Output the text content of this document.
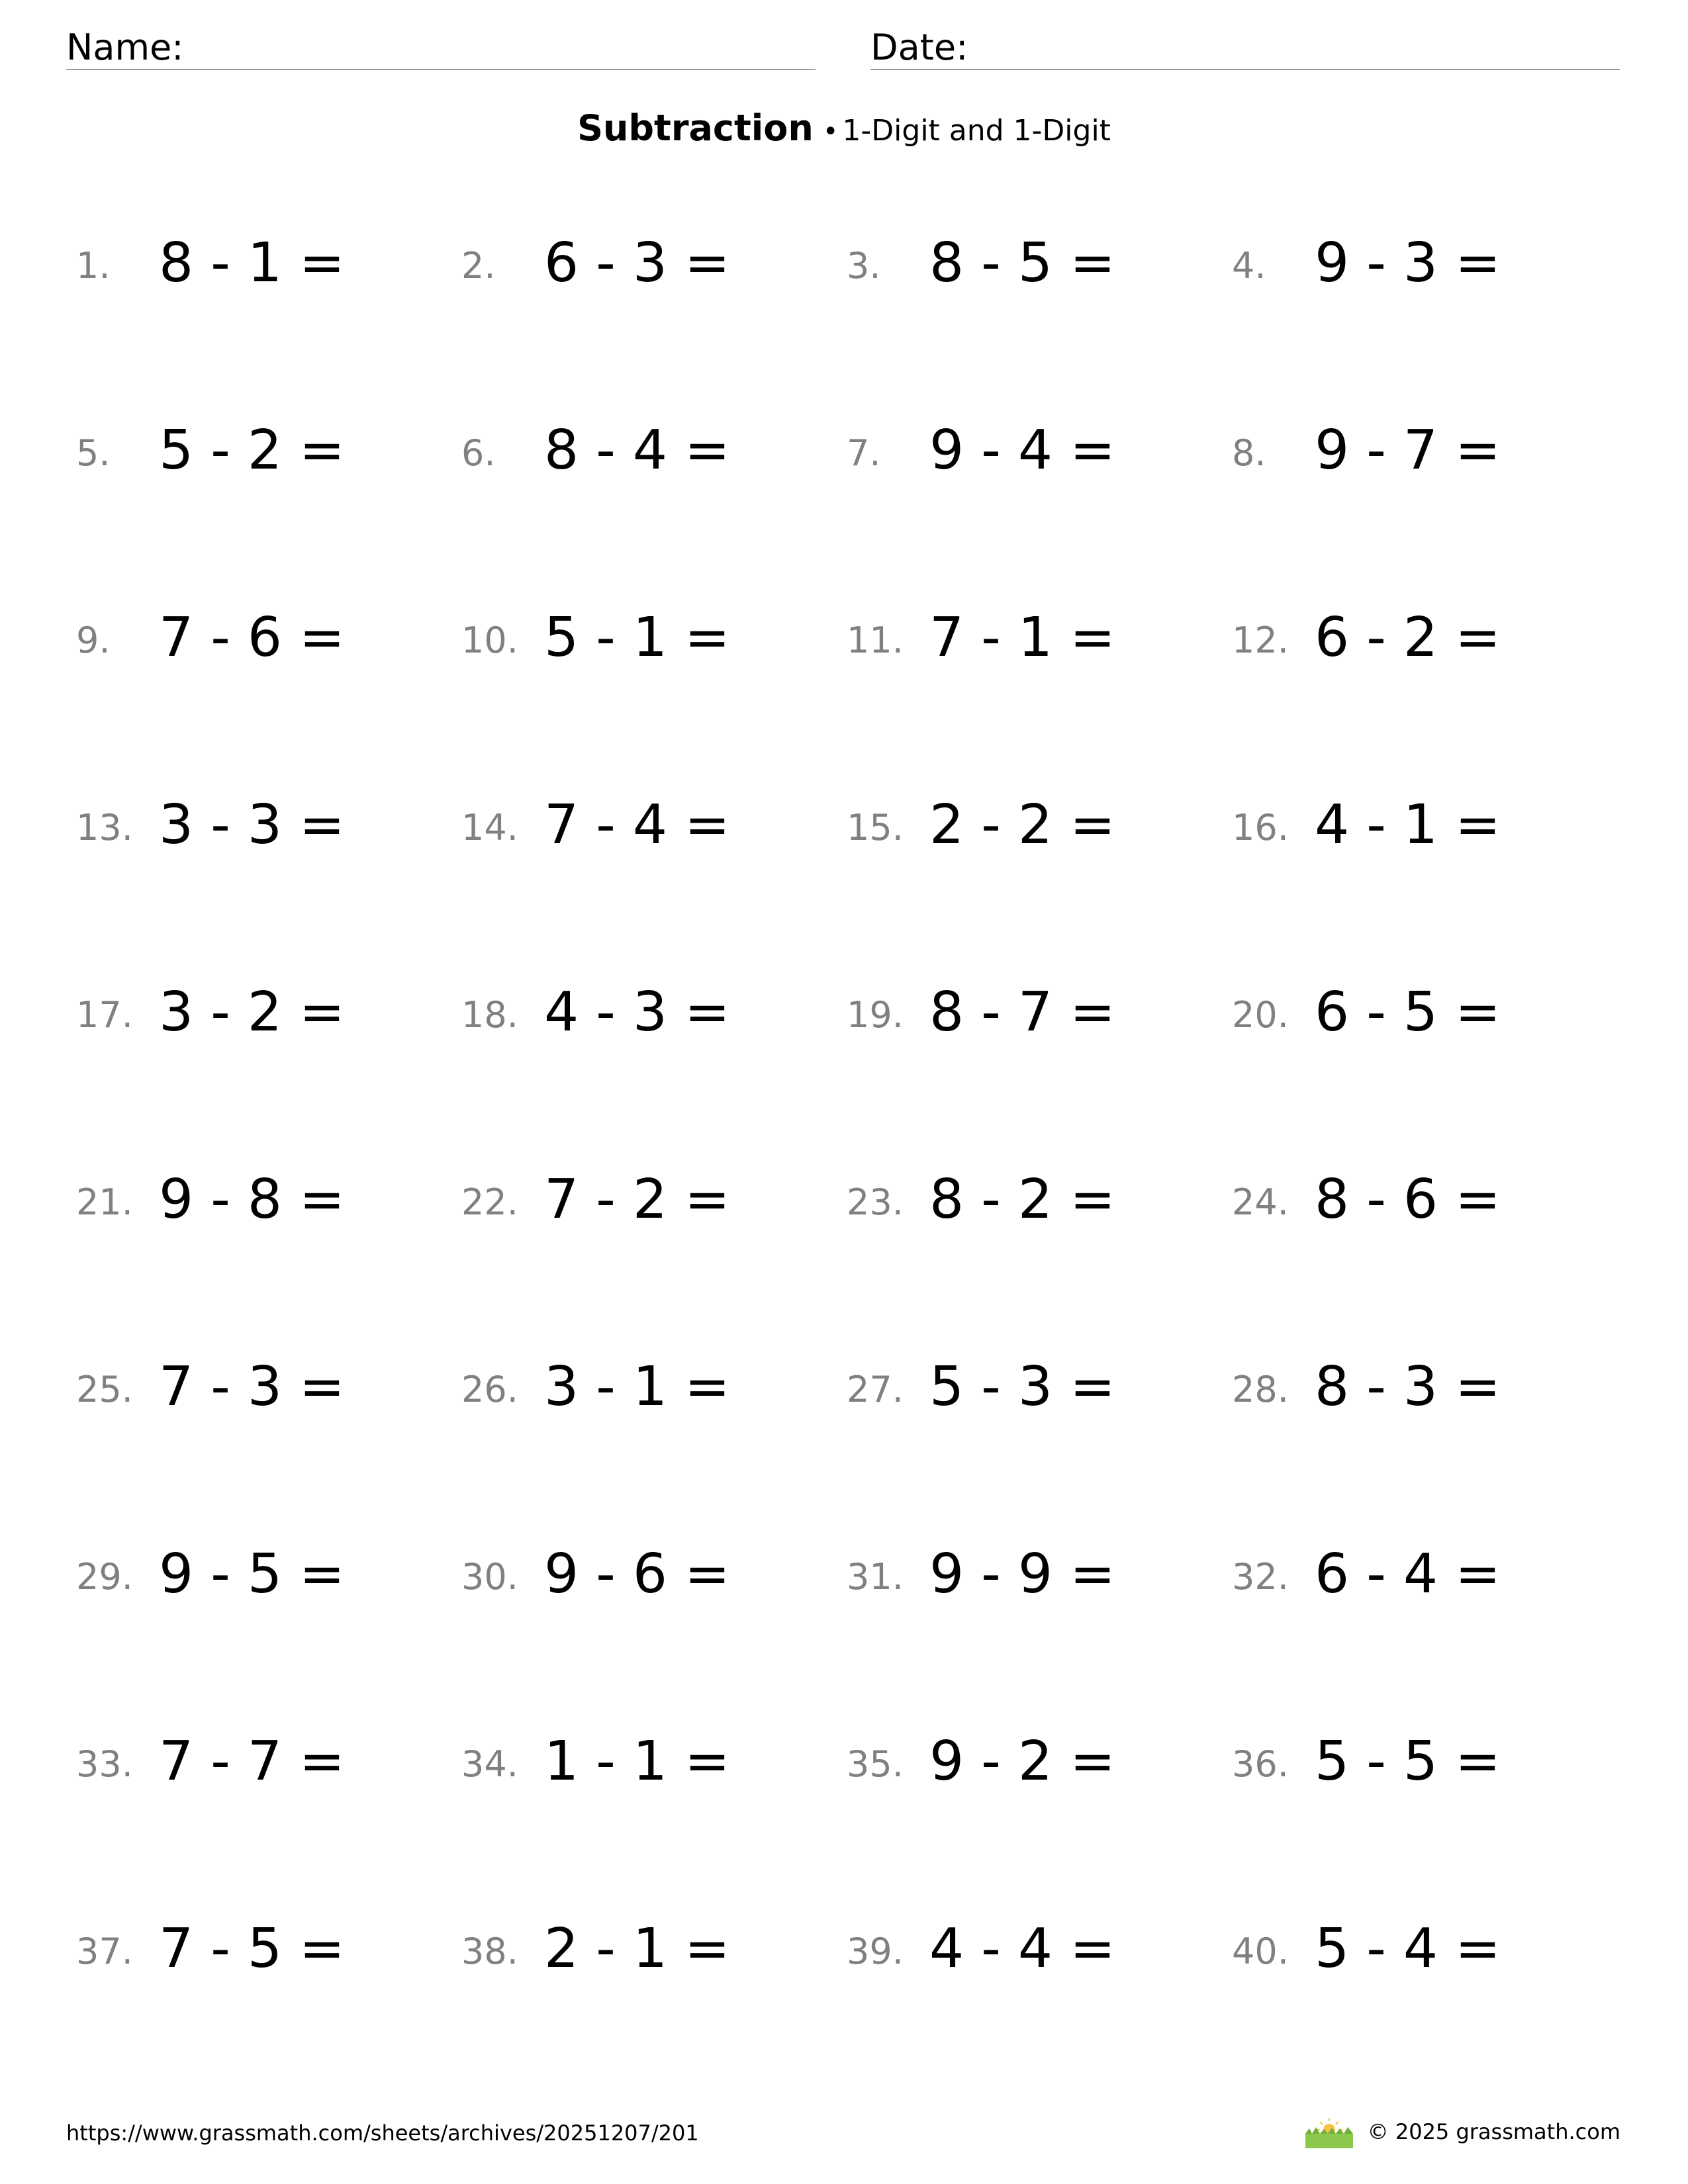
Name:	Date:
Subtraction • 1-Digit and 1-Digit
1. 8 - 1 =	2. 6 - 3 =	3. 8 - 5 =	4. 9 - 3 =
5. 5 - 2 =	6. 8 - 4 =	7. 9 - 4 =	8. 9 - 7 =
9. 7 - 6 =	10. 5 - 1 =	11. 7 - 1 =	12. 6 - 2 =
13. 3 - 3 =	14. 7 - 4 =	15. 2 - 2 =	16. 4 - 1 =
17. 3 - 2 =	18. 4 - 3 =	19. 8 - 7 =	20. 6 - 5 =
21. 9 - 8 =	22. 7 - 2 =	23. 8 - 2 =	24. 8 - 6 =
25. 7 - 3 =	26. 3 - 1 =	27. 5 - 3 =	28. 8 - 3 =
29. 9 - 5 =	30. 9 - 6 =	31. 9 - 9 =	32. 6 - 4 =
33. 7 - 7 =	34. 1 - 1 =	35. 9 - 2 =	36. 5 - 5 =
37. 7 - 5 =	38. 2 - 1 =	39. 4 - 4 =	40. 5 - 4 =
https://www.grassmath.com/sheets/archives/20251207/201	© 2025 grassmath.com
